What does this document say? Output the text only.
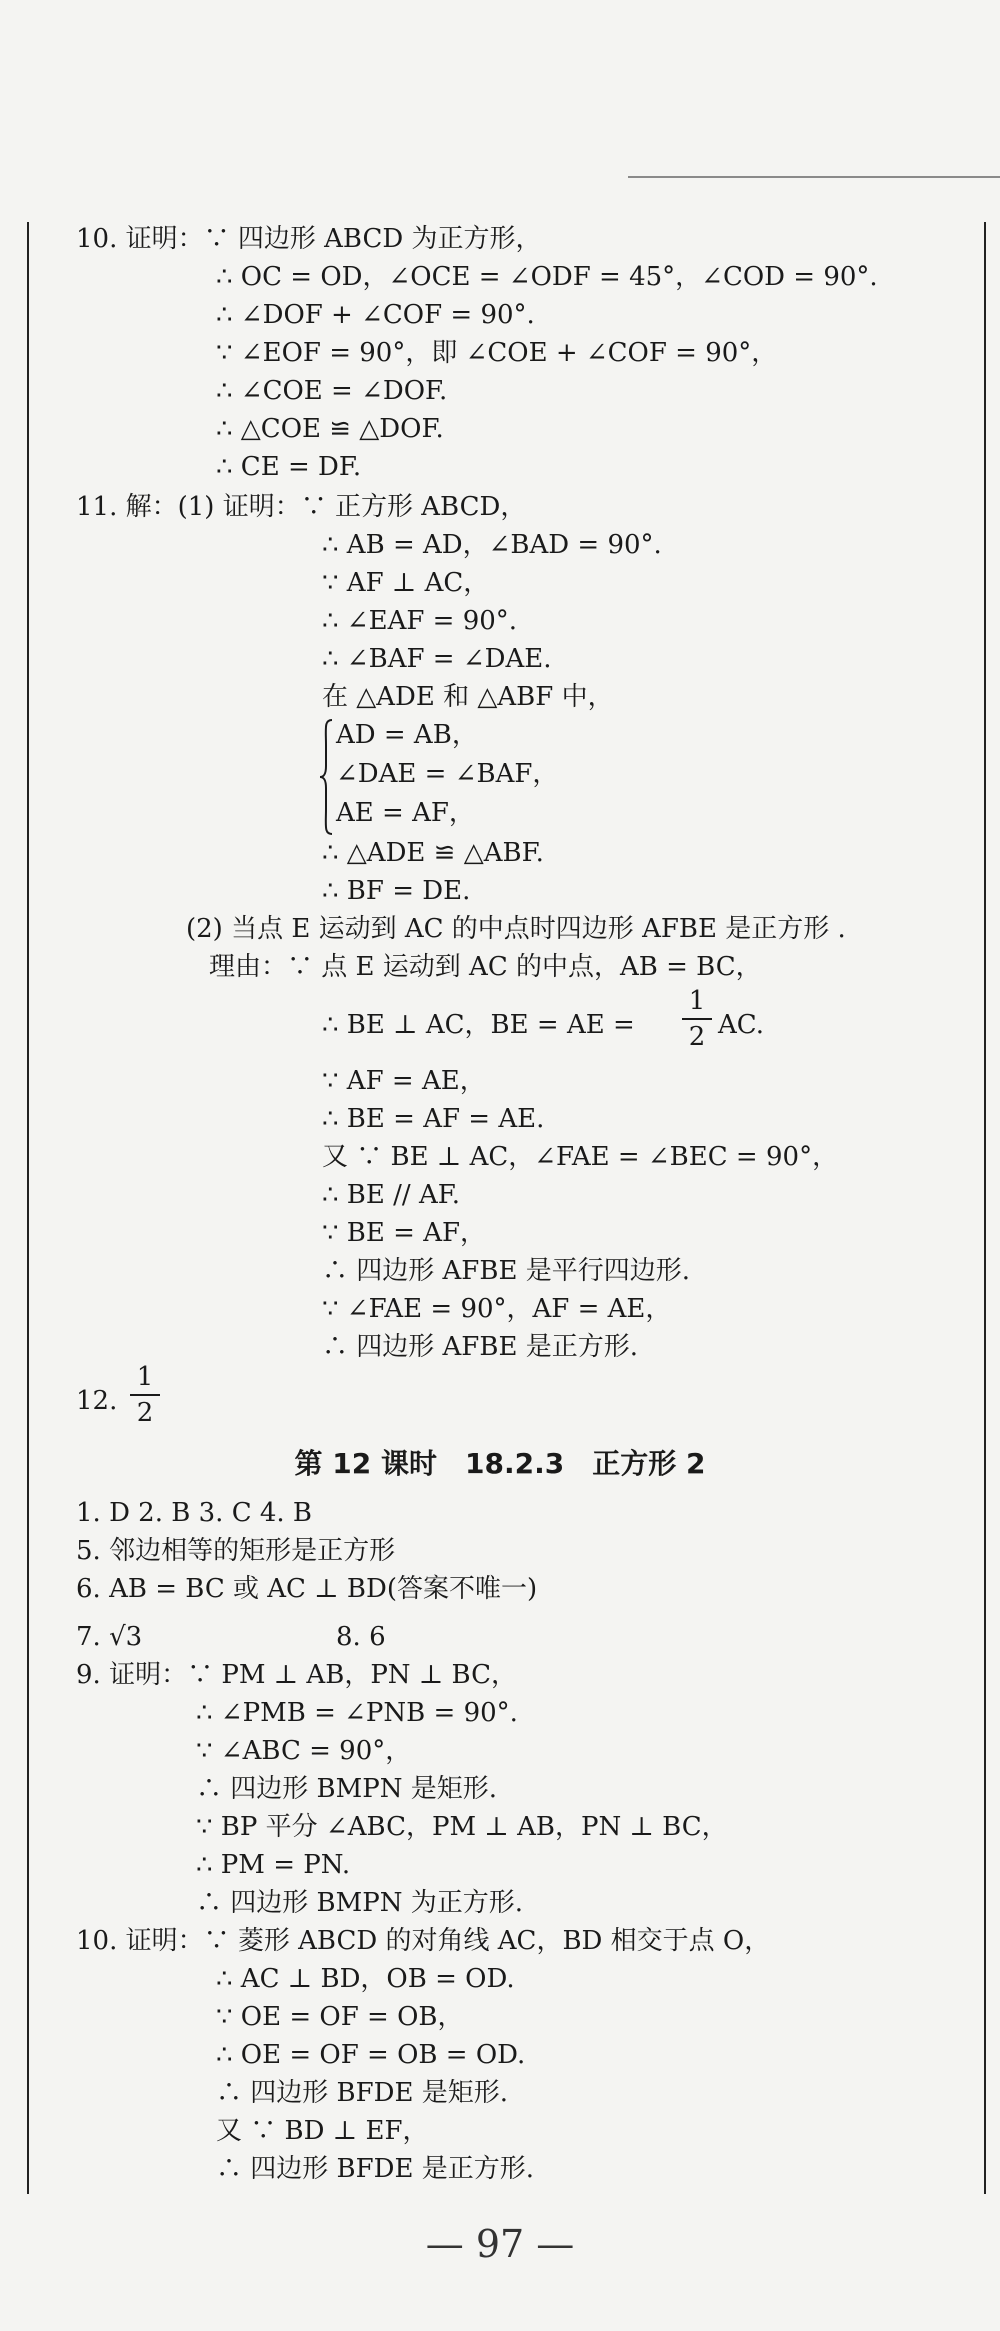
10. 证明：∵ 四边形 ABCD 为正方形，
∴ OC = OD，∠OCE = ∠ODF = 45°，∠COD = 90°.
∴ ∠DOF + ∠COF = 90°.
∵ ∠EOF = 90°，即 ∠COE + ∠COF = 90°，
∴ ∠COE = ∠DOF.
∴ △COE ≌ △DOF.
∴ CE = DF.
11. 解：(1) 证明：∵ 正方形 ABCD，
∴ AB = AD，∠BAD = 90°.
∵ AF ⊥ AC，
∴ ∠EAF = 90°.
∴ ∠BAF = ∠DAE.
在 △ADE 和 △ABF 中，
AD = AB，
∠DAE = ∠BAF，
AE = AF，
∴ △ADE ≌ △ABF.
∴ BF = DE.
(2) 当点 E 运动到 AC 的中点时四边形 AFBE 是正方形 .
理由：∵ 点 E 运动到 AC 的中点，AB = BC，
∴ BE ⊥ AC，BE = AE =
1
2 AC.
∵ AF = AE，
∴ BE = AF = AE.
又 ∵ BE ⊥ AC，∠FAE = ∠BEC = 90°，
∴ BE // AF.
∵ BE = AF，
∴ 四边形 AFBE 是平行四边形.
∵ ∠FAE = 90°，AF = AE，
∴ 四边形 AFBE 是正方形.
12.
1
2
第 12 课时　18.2.3　正方形 2
1. D 2. B 3. C 4. B
5. 邻边相等的矩形是正方形
6. AB = BC 或 AC ⊥ BD(答案不唯一)
7. √3	8. 6
9. 证明：∵ PM ⊥ AB，PN ⊥ BC，
∴ ∠PMB = ∠PNB = 90°.
∵ ∠ABC = 90°，
∴ 四边形 BMPN 是矩形.
∵ BP 平分 ∠ABC，PM ⊥ AB，PN ⊥ BC，
∴ PM = PN.
∴ 四边形 BMPN 为正方形.
10. 证明：∵ 菱形 ABCD 的对角线 AC，BD 相交于点 O，
∴ AC ⊥ BD，OB = OD.
∵ OE = OF = OB，
∴ OE = OF = OB = OD.
∴ 四边形 BFDE 是矩形.
又 ∵ BD ⊥ EF，
∴ 四边形 BFDE 是正方形.
— 97 —
